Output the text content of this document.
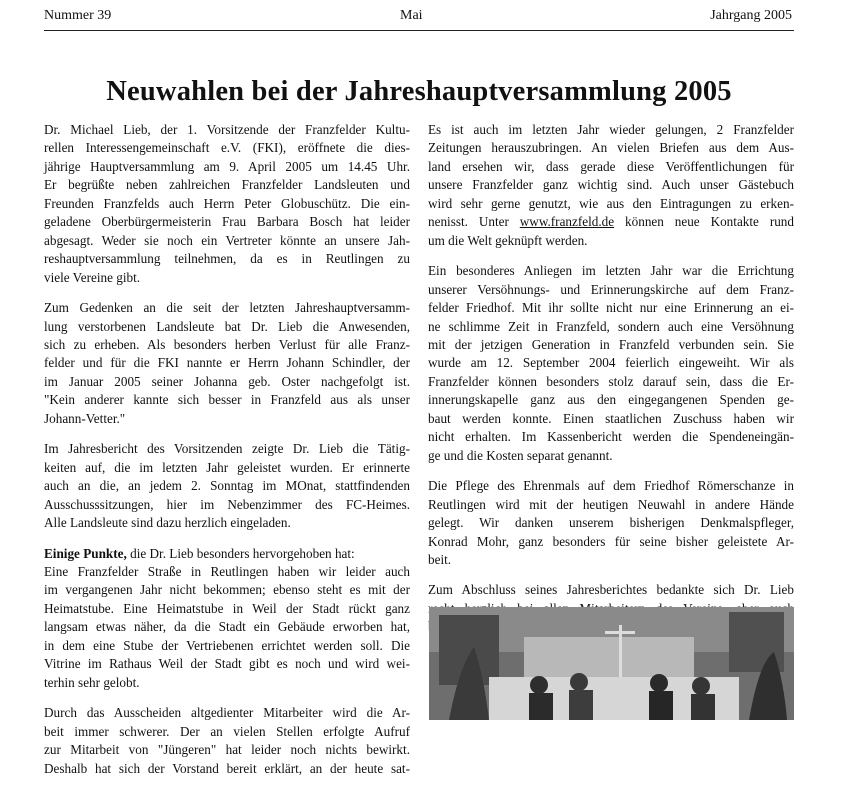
Nummer 39	Mai	Jahrgang 2005
Neuwahlen bei der Jahreshauptversammlung 2005

Dr. Michael Lieb, der 1. Vorsitzende der Franzfelder Kultu-
rellen Interessengemeinschaft e.V. (FKI), eröffnete die dies-
jährige Hauptversammlung am 9. April 2005 um 14.45 Uhr.
Er begrüßte neben zahlreichen Franzfelder Landsleuten und
Freunden Franzfelds auch Herrn Peter Globuschütz. Die ein-
geladene Oberbürgermeisterin Frau Barbara Bosch hat leider
abgesagt. Weder sie noch ein Vertreter könnte an unsere Jah-
reshauptversammlung teilnehmen, da es in Reutlingen zu
viele Vereine gibt.

Zum Gedenken an die seit der letzten Jahreshauptversamm-
lung verstorbenen Landsleute bat Dr. Lieb die Anwesenden,
sich zu erheben. Als besonders herben Verlust für alle Franz-
felder und für die FKI nannte er Herrn Johann Schindler, der
im Januar 2005 seiner Johanna geb. Oster nachgefolgt ist.
"Kein anderer kannte sich besser in Franzfeld aus als unser
Johann-Vetter."

Im Jahresbericht des Vorsitzenden zeigte Dr. Lieb die Tätig-
keiten auf, die im letzten Jahr geleistet wurden. Er erinnerte
auch an die, an jedem 2. Sonntag im MOnat, stattfindenden
Ausschusssitzungen, hier im Nebenzimmer des FC-Heimes.
Alle Landsleute sind dazu herzlich eingeladen.

Einige Punkte, die Dr. Lieb besonders hervorgehoben hat:
Eine Franzfelder Straße in Reutlingen haben wir leider auch
im vergangenen Jahr nicht bekommen; ebenso steht es mit der
Heimatstube. Eine Heimatstube in Weil der Stadt rückt ganz
langsam etwas näher, da die Stadt ein Gebäude erworben hat,
in dem eine Stube der Vertriebenen errichtet werden soll. Die
Vitrine im Rathaus Weil der Stadt gibt es noch und wird wei-
terhin sehr gelobt.

Durch das Ausscheiden altgedienter Mitarbeiter wird die Ar-
beit immer schwerer. Der an vielen Stellen erfolgte Aufruf
zur Mitarbeit von "Jüngeren" hat leider noch nichts bewirkt.
Deshalb hat sich der Vorstand bereit erklärt, an der heute sat-

Es ist auch im letzten Jahr wieder gelungen, 2 Franzfelder
Zeitungen herauszubringen. An vielen Briefen aus dem Aus-
land ersehen wir, dass gerade diese Veröffentlichungen für
unsere Franzfelder ganz wichtig sind. Auch unser Gästebuch
wird sehr gerne genutzt, wie aus den Eintragungen zu erken-
nenisst. Unter www.franzfeld.de können neue Kontakte rund
um die Welt geknüpft werden.

Ein besonderes Anliegen im letzten Jahr war die Errichtung
unserer Versöhnungs- und Erinnerungskirche auf dem Franz-
felder Friedhof. Mit ihr sollte nicht nur eine Erinnerung an ei-
ne schlimme Zeit in Franzfeld, sondern auch eine Versöhnung
mit der jetzigen Generation in Franzfeld verbunden sein. Sie
wurde am 12. September 2004 feierlich eingeweiht. Wir als
Franzfelder können besonders stolz darauf sein, dass die Er-
innerungskapelle ganz aus den eingegangenen Spenden ge-
baut werden konnte. Einen staatlichen Zuschuss haben wir
nicht erhalten. Im Kassenbericht werden die Spendeneingän-
ge und die Kosten separat genannt.

Die Pflege des Ehrenmals auf dem Friedhof Römerschanze in
Reutlingen wird mit der heutigen Neuwahl in andere Hände
gelegt. Wir danken unserem bisherigen Denkmalspfleger,
Konrad Mohr, ganz besonders für seine bisher geleistete Ar-
beit.

Zum Abschluss seines Jahresberichtes bedankte sich Dr. Lieb
